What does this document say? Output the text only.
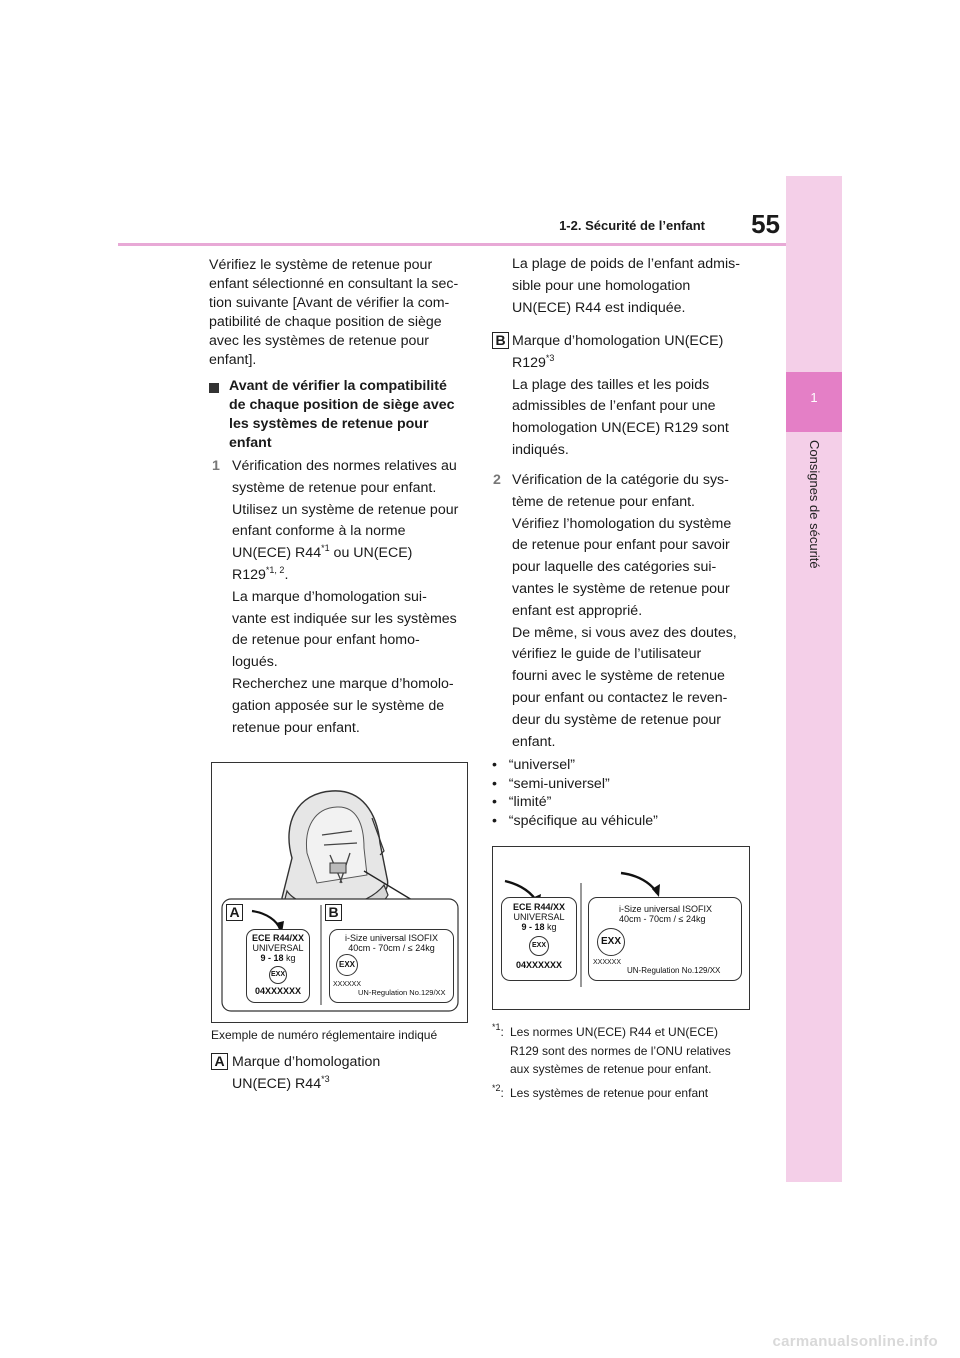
55
1-2. Sécurité de l’enfant
1
Consignes de sécurité
Vérifiez le système de retenue pour
enfant sélectionné en consultant la sec-
tion suivante [Avant de vérifier la com-
patibilité de chaque position de siège
avec les systèmes de retenue pour
enfant].
Avant de vérifier la compatibilité
de chaque position de siège avec
les systèmes de retenue pour
enfant
1 Vérification des normes relatives au
système de retenue pour enfant.
Utilisez un système de retenue pour
enfant conforme à la norme
UN(ECE) R44$^{*1}$ ou UN(ECE)
R129$^{*1, 2}$.
La marque d’homologation sui-
vante est indiquée sur les systèmes
de retenue pour enfant homo-
logués.
Recherchez une marque d’homolo-
gation apposée sur le système de
retenue pour enfant.
A	B
ECE R44/XX
UNIVERSAL
9 - 18 kg
EXX
04XXXXXX
i-Size universal ISOFIX
40cm - 70cm / ≤ 24kg
EXX
XXXXXX
UN-Regulation No.129/XX
Exemple de numéro réglementaire indiqué
A Marque d’homologation
UN(ECE) R44$^{*3}$
La plage de poids de l’enfant admis-
sible pour une homologation
UN(ECE) R44 est indiquée.
B Marque d’homologation UN(ECE)
R129$^{*3}$
La plage des tailles et les poids
admissibles de l’enfant pour une
homologation UN(ECE) R129 sont
indiqués.
2 Vérification de la catégorie du sys-
tème de retenue pour enfant.
Vérifiez l’homologation du système
de retenue pour enfant pour savoir
pour laquelle des catégories sui-
vantes le système de retenue pour
enfant est approprié.
De même, si vous avez des doutes,
vérifiez le guide de l’utilisateur
fourni avec le système de retenue
pour enfant ou contactez le reven-
deur du système de retenue pour
enfant.
•   “universel”
•   “semi-universel”
•   “limité”
•   “spécifique au véhicule”
ECE R44/XX
UNIVERSAL
9 - 18 kg
EXX
04XXXXXX
i-Size universal ISOFIX
40cm - 70cm / ≤ 24kg
EXX
XXXXXX
UN-Regulation No.129/XX
$^{*1}$: Les normes UN(ECE) R44 et UN(ECE)
R129 sont des normes de l’ONU relatives
aux systèmes de retenue pour enfant.
$^{*2}$: Les systèmes de retenue pour enfant
carmanualsonline.info
